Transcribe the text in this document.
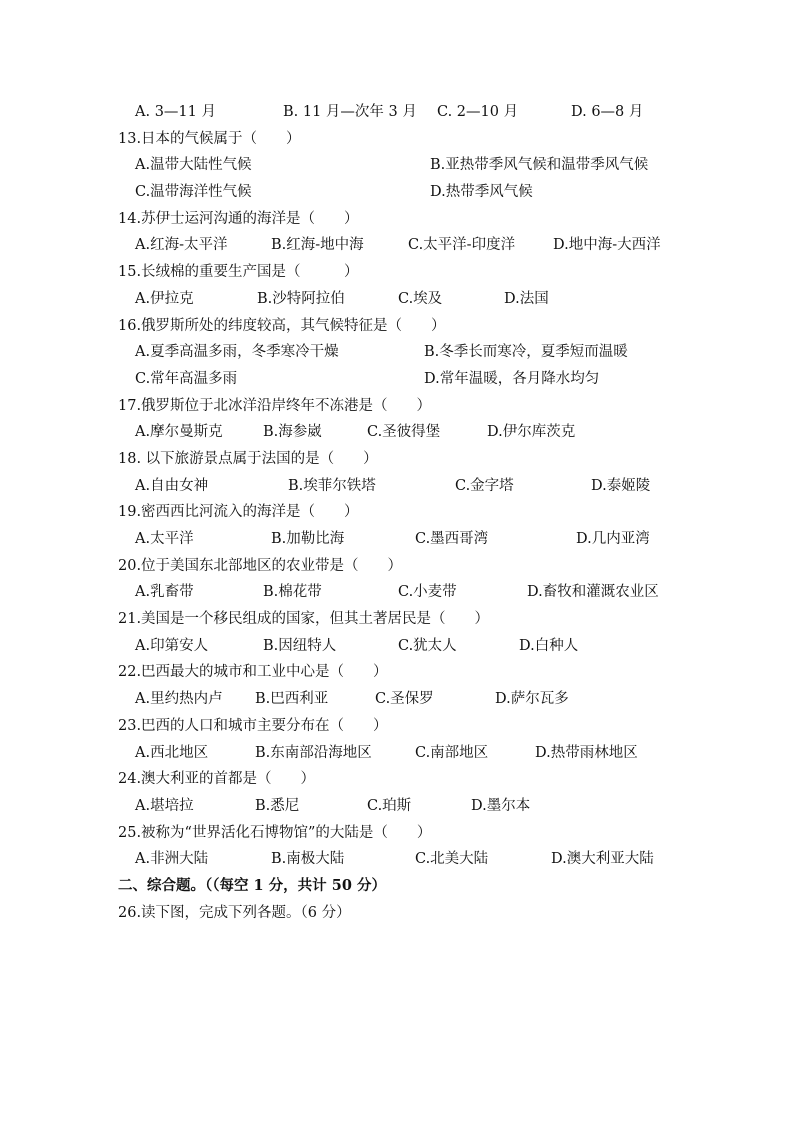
A. 3—11 月	B. 11 月—次年 3 月 C. 2—10 月	D. 6—8 月
13.日本的气候属于（　　）
A.温带大陆性气候	B.亚热带季风气候和温带季风气候
C.温带海洋性气候	D.热带季风气候
14.苏伊士运河沟通的海洋是（　　）
A.红海-太平洋	B.红海-地中海	C.太平洋-印度洋	D.地中海-大西洋
15.长绒棉的重要生产国是（　　　）
A.伊拉克	B.沙特阿拉伯	C.埃及	D.法国
16.俄罗斯所处的纬度较高，其气候特征是（　　）
A.夏季高温多雨，冬季寒冷干燥	B.冬季长而寒冷，夏季短而温暖
C.常年高温多雨	D.常年温暖，各月降水均匀
17.俄罗斯位于北冰洋沿岸终年不冻港是（　　）
A.摩尔曼斯克	B.海参崴	C.圣彼得堡	D.伊尔库茨克
18. 以下旅游景点属于法国的是（　　）
A.自由女神	B.埃菲尔铁塔	C.金字塔	D.泰姬陵
19.密西西比河流入的海洋是（　　）
A.太平洋	B.加勒比海	C.墨西哥湾	D.几内亚湾
20.位于美国东北部地区的农业带是（　　）
A.乳畜带	B.棉花带	C.小麦带	D.畜牧和灌溉农业区
21.美国是一个移民组成的国家，但其土著居民是（　　）
A.印第安人	B.因纽特人	C.犹太人	D.白种人
22.巴西最大的城市和工业中心是（　　）
A.里约热内卢 B.巴西利亚	C.圣保罗	D.萨尔瓦多
23.巴西的人口和城市主要分布在（　　）
A.西北地区	B.东南部沿海地区	C.南部地区	D.热带雨林地区
24.澳大利亚的首都是（　　）
A.堪培拉	B.悉尼	C.珀斯	D.墨尔本
25.被称为“世界活化石博物馆”的大陆是（　　）
A.非洲大陆	B.南极大陆	C.北美大陆	D.澳大利亚大陆
二、综合题。（（每空 1 分，共计 50 分）
26.读下图，完成下列各题。（6 分）
